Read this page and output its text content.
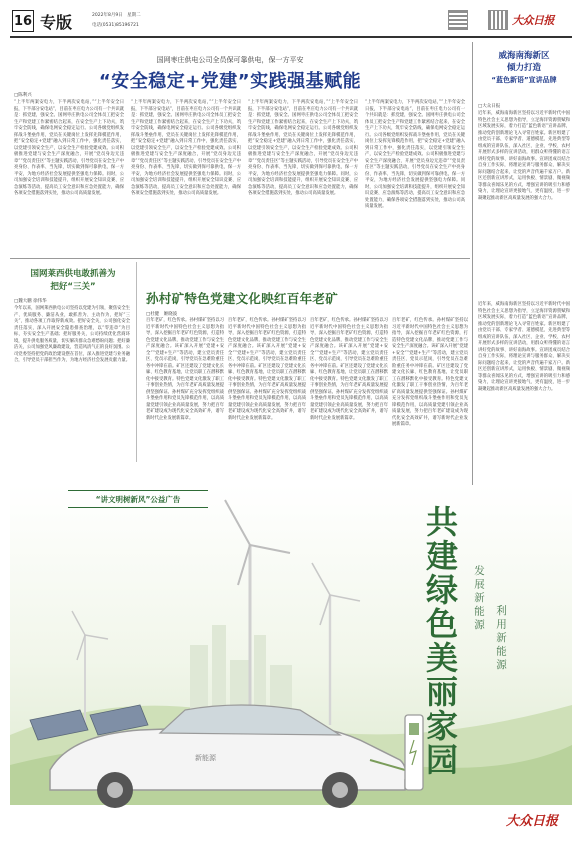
16 专版	2022年8月9日　星期二
电话(0531)85196721	大众日报
国网枣庄供电公司全员保可靠供电，保一方平安
“安全稳定+党建”实践强基赋能
□陈利兴
“上半年两案安电力，下半两次安电站，”“上半年安全日报，下半部分安电站”，目前在枣庄电力公司有一个共识就是：抓党建，强安全。国网枣庄供电公司全体员工把安全生产和党建工作紧密结合起来，在安全生产上下功夫，筑牢安全防线，确保电网安全稳定运行。公司各级党组织发挥战斗堡垒作用，党员在关键岗位上发挥先锋模范作用，把“安全稳定+党建”融入到日常工作中，强化责任落实，以党建引领安全生产，以安全生产检验党建成效。公司积极推进党建与安全生产深度融合，开展“党员身边无违章”“党员责任区”等主题实践活动，引导党员在安全生产中亮身份、作表率、当先锋，切实做到保可靠供电，保一方平安，为地方经济社会发展提供坚强电力保障。同时，公司加强安全培训和技能提升，组织开展安全知识竞赛、应急演练等活动，提高员工安全意识和应急处置能力，确保各项安全措施落到实处，推动公司高质量发展。
“上半年两案安电力，下半两次安电站，”“上半年安全日报，下半部分安电站”，目前在枣庄电力公司有一个共识就是：抓党建，强安全。国网枣庄供电公司全体员工把安全生产和党建工作紧密结合起来，在安全生产上下功夫，筑牢安全防线，确保电网安全稳定运行。公司各级党组织发挥战斗堡垒作用，党员在关键岗位上发挥先锋模范作用，把“安全稳定+党建”融入到日常工作中，强化责任落实，以党建引领安全生产，以安全生产检验党建成效。公司积极推进党建与安全生产深度融合，开展“党员身边无违章”“党员责任区”等主题实践活动，引导党员在安全生产中亮身份、作表率、当先锋，切实做到保可靠供电，保一方平安，为地方经济社会发展提供坚强电力保障。同时，公司加强安全培训和技能提升，组织开展安全知识竞赛、应急演练等活动，提高员工安全意识和应急处置能力，确保各项安全措施落到实处，推动公司高质量发展。
“上半年两案安电力，下半两次安电站，”“上半年安全日报，下半部分安电站”，目前在枣庄电力公司有一个共识就是：抓党建，强安全。国网枣庄供电公司全体员工把安全生产和党建工作紧密结合起来，在安全生产上下功夫，筑牢安全防线，确保电网安全稳定运行。公司各级党组织发挥战斗堡垒作用，党员在关键岗位上发挥先锋模范作用，把“安全稳定+党建”融入到日常工作中，强化责任落实，以党建引领安全生产，以安全生产检验党建成效。公司积极推进党建与安全生产深度融合，开展“党员身边无违章”“党员责任区”等主题实践活动，引导党员在安全生产中亮身份、作表率、当先锋，切实做到保可靠供电，保一方平安，为地方经济社会发展提供坚强电力保障。同时，公司加强安全培训和技能提升，组织开展安全知识竞赛、应急演练等活动，提高员工安全意识和应急处置能力，确保各项安全措施落到实处，推动公司高质量发展。
“上半年两案安电力，下半两次安电站，”“上半年安全日报，下半部分安电站”，目前在枣庄电力公司有一个共识就是：抓党建，强安全。国网枣庄供电公司全体员工把安全生产和党建工作紧密结合起来，在安全生产上下功夫，筑牢安全防线，确保电网安全稳定运行。公司各级党组织发挥战斗堡垒作用，党员在关键岗位上发挥先锋模范作用，把“安全稳定+党建”融入到日常工作中，强化责任落实，以党建引领安全生产，以安全生产检验党建成效。公司积极推进党建与安全生产深度融合，开展“党员身边无违章”“党员责任区”等主题实践活动，引导党员在安全生产中亮身份、作表率、当先锋，切实做到保可靠供电，保一方平安，为地方经济社会发展提供坚强电力保障。同时，公司加强安全培训和技能提升，组织开展安全知识竞赛、应急演练等活动，提高员工安全意识和应急处置能力，确保各项安全措施落到实处，推动公司高质量发展。
威海南海新区
倾力打造
“蓝色新语”宣讲品牌
□大众日报
近年来，威海南海新区坚持以习近平新时代中国特色社会主义思想为指导，立足海洋资源禀赋和区域发展实际，着力打造“蓝色新语”宣讲品牌，推动党的创新理论飞入寻常百姓家。新区组建了由党员干部、专家学者、道德模范、先进典型等组成的宣讲队伍，深入社区、企业、学校、农村开展形式多样的宣讲活动，用群众听得懂的语言讲好党的故事、讲好南海故事。宣讲团成员结合自身工作实际，将理论宣讲与服务群众、解决实际问题结合起来，让党的声音传遍千家万户。新区还创新宣讲形式，运用快板、情景剧、微视频等群众喜闻乐见的方式，增强宣讲的吸引力和感染力，让理论宣讲更接地气、更有温度，进一步凝聚起推动新区高质量发展的强大合力。
近年来，威海南海新区坚持以习近平新时代中国特色社会主义思想为指导，立足海洋资源禀赋和区域发展实际，着力打造“蓝色新语”宣讲品牌，推动党的创新理论飞入寻常百姓家。新区组建了由党员干部、专家学者、道德模范、先进典型等组成的宣讲队伍，深入社区、企业、学校、农村开展形式多样的宣讲活动，用群众听得懂的语言讲好党的故事、讲好南海故事。宣讲团成员结合自身工作实际，将理论宣讲与服务群众、解决实际问题结合起来，让党的声音传遍千家万户。新区还创新宣讲形式，运用快板、情景剧、微视频等群众喜闻乐见的方式，增强宣讲的吸引力和感染力，让理论宣讲更接地气、更有温度，进一步凝聚起推动新区高质量发展的强大合力。
国网莱西供电敢抓善为
把好“三关”
□魏大鹏 徐伟华
今年以来，国网莱西供电公司坚持以党建为引领，聚焦安全生产、优质服务、廉洁从业，敢抓善为、主动作为，把好“三关”，推动各项工作取得新成效。把好安全关，公司强化安全责任落实，深入开展安全隐患排查治理，以“零违章”为目标，夯实安全生产基础；把好服务关，公司持续优化营商环境，提升供电服务质量，切实解决群众急难愁盼问题；把好廉洁关，公司加强党风廉政建设，营造风清气正的良好氛围。公司党委坚持把党的政治建设摆在首位，深入推进党建与业务融合，引导党员干部担当作为，为地方经济社会发展贡献力量。
孙村矿特色党建文化映红百年老矿
□杜健　姬晓波
百年老矿，红色传承。孙村煤矿坚持以习近平新时代中国特色社会主义思想为指导，深入挖掘百年老矿红色资源，打造特色党建文化品牌，推动党建工作与安全生产深度融合。该矿深入开展“党建+安全”“党建+生产”等活动，建立党员责任区、党员示范岗，引导党员在急难险重任务中冲锋在前。矿区还建设了党建文化长廊、红色教育基地，让党员职工在潜移默化中接受教育。特色党建文化激发了职工干事创业热情，为百年老矿高质量发展提供坚强保证。孙村煤矿充分发挥党组织战斗堡垒作用和党员先锋模范作用，以高质量党建引领企业高质量发展，努力把百年老矿建设成为现代化安全高效矿井，谱写新时代企业发展新篇章。
百年老矿，红色传承。孙村煤矿坚持以习近平新时代中国特色社会主义思想为指导，深入挖掘百年老矿红色资源，打造特色党建文化品牌，推动党建工作与安全生产深度融合。该矿深入开展“党建+安全”“党建+生产”等活动，建立党员责任区、党员示范岗，引导党员在急难险重任务中冲锋在前。矿区还建设了党建文化长廊、红色教育基地，让党员职工在潜移默化中接受教育。特色党建文化激发了职工干事创业热情，为百年老矿高质量发展提供坚强保证。孙村煤矿充分发挥党组织战斗堡垒作用和党员先锋模范作用，以高质量党建引领企业高质量发展，努力把百年老矿建设成为现代化安全高效矿井，谱写新时代企业发展新篇章。
百年老矿，红色传承。孙村煤矿坚持以习近平新时代中国特色社会主义思想为指导，深入挖掘百年老矿红色资源，打造特色党建文化品牌，推动党建工作与安全生产深度融合。该矿深入开展“党建+安全”“党建+生产”等活动，建立党员责任区、党员示范岗，引导党员在急难险重任务中冲锋在前。矿区还建设了党建文化长廊、红色教育基地，让党员职工在潜移默化中接受教育。特色党建文化激发了职工干事创业热情，为百年老矿高质量发展提供坚强保证。孙村煤矿充分发挥党组织战斗堡垒作用和党员先锋模范作用，以高质量党建引领企业高质量发展，努力把百年老矿建设成为现代化安全高效矿井，谱写新时代企业发展新篇章。
百年老矿，红色传承。孙村煤矿坚持以习近平新时代中国特色社会主义思想为指导，深入挖掘百年老矿红色资源，打造特色党建文化品牌，推动党建工作与安全生产深度融合。该矿深入开展“党建+安全”“党建+生产”等活动，建立党员责任区、党员示范岗，引导党员在急难险重任务中冲锋在前。矿区还建设了党建文化长廊、红色教育基地，让党员职工在潜移默化中接受教育。特色党建文化激发了职工干事创业热情，为百年老矿高质量发展提供坚强保证。孙村煤矿充分发挥党组织战斗堡垒作用和党员先锋模范作用，以高质量党建引领企业高质量发展，努力把百年老矿建设成为现代化安全高效矿井，谱写新时代企业发展新篇章。
“讲文明树新风”公益广告
新能源	共建绿色美丽家园 发展新能源
利用新能源
大众日报
